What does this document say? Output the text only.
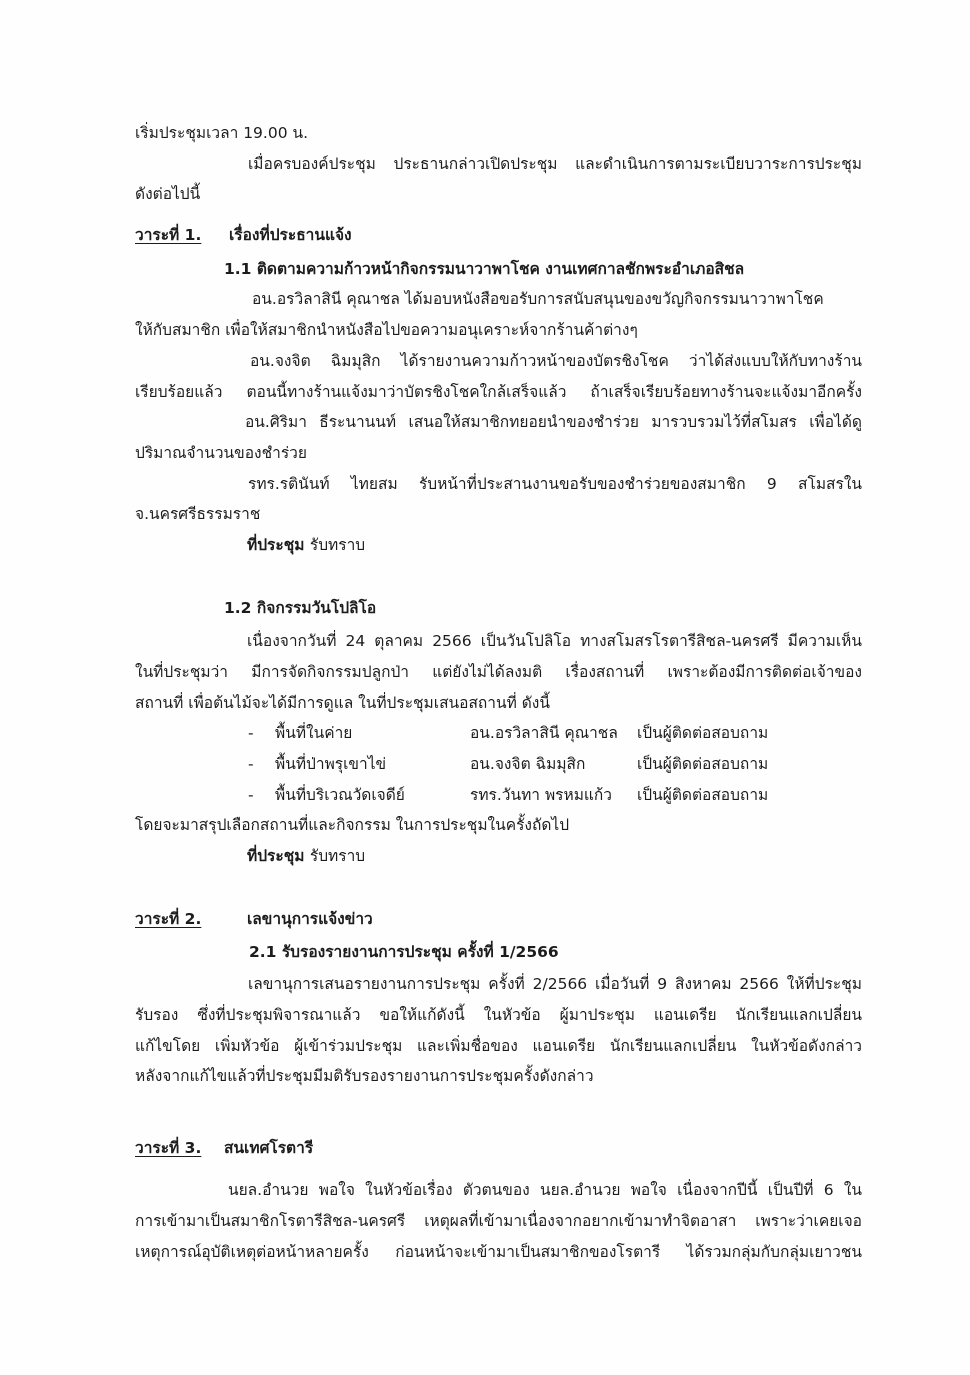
เริ่มประชุมเวลา 19.00 น.
เมื่อครบองค์ประชุม ประธานกล่าวเปิดประชุม และดำเนินการตามระเบียบวาระการประชุม
ดังต่อไปนี้
วาระที่ 1. เรื่องที่ประธานแจ้ง
1.1 ติดตามความก้าวหน้ากิจกรรมนาวาพาโชค งานเทศกาลชักพระอำเภอสิชล
อน.อรวิลาสินี คุณาชล ได้มอบหนังสือขอรับการสนับสนุนของขวัญกิจกรรมนาวาพาโชค
ให้กับสมาชิก เพื่อให้สมาชิกนำหนังสือไปขอความอนุเคราะห์จากร้านค้าต่างๆ
อน.จงจิต ฉิมมุสิก ได้รายงานความก้าวหน้าของบัตรชิงโชค ว่าได้ส่งแบบให้กับทางร้าน
เรียบร้อยแล้ว ตอนนี้ทางร้านแจ้งมาว่าบัตรชิงโชคใกล้เสร็จแล้ว ถ้าเสร็จเรียบร้อยทางร้านจะแจ้งมาอีกครั้ง
อน.ศิริมา ธีระนานนท์ เสนอให้สมาชิกทยอยนำของชำร่วย มารวบรวมไว้ที่สโมสร เพื่อได้ดู
ปริมาณจำนวนของชำร่วย
รทร.รตินันท์ ไทยสม รับหน้าที่ประสานงานขอรับของชำร่วยของสมาชิก 9 สโมสรใน
จ.นครศรีธรรมราช
ที่ประชุม รับทราบ
1.2 กิจกรรมวันโปลิโอ
เนื่องจากวันที่ 24 ตุลาคม 2566 เป็นวันโปลิโอ ทางสโมสรโรตารีสิชล-นครศรี มีความเห็น
ในที่ประชุมว่า มีการจัดกิจกรรมปลูกป่า แต่ยังไม่ได้ลงมติ เรื่องสถานที่ เพราะต้องมีการติดต่อเจ้าของ
สถานที่ เพื่อต้นไม้จะได้มีการดูแล ในที่ประชุมเสนอสถานที่ ดังนี้
-	พื้นที่ในค่าย	อน.อรวิลาสินี คุณาชล	เป็นผู้ติดต่อสอบถาม
-	พื้นที่ป่าพรุเขาไข่	อน.จงจิต ฉิมมุสิก	เป็นผู้ติดต่อสอบถาม
-	พื้นที่บริเวณวัดเจดีย์	รทร.วันทา พรหมแก้ว	เป็นผู้ติดต่อสอบถาม
โดยจะมาสรุปเลือกสถานที่และกิจกรรม ในการประชุมในครั้งถัดไป
ที่ประชุม รับทราบ
วาระที่ 2.	เลขานุการแจ้งข่าว
2.1 รับรองรายงานการประชุม ครั้งที่ 1/2566
เลขานุการเสนอรายงานการประชุม ครั้งที่ 2/2566 เมื่อวันที่ 9 สิงหาคม 2566 ให้ที่ประชุม
รับรอง ซึ่งที่ประชุมพิจารณาแล้ว ขอให้แก้ดังนี้ ในหัวข้อ ผู้มาประชุม แอนเดรีย นักเรียนแลกเปลี่ยน
แก้ไขโดย เพิ่มหัวข้อ ผู้เข้าร่วมประชุม และเพิ่มชื่อของ แอนเดรีย นักเรียนแลกเปลี่ยน ในหัวข้อดังกล่าว
หลังจากแก้ไขแล้วที่ประชุมมีมติรับรองรายงานการประชุมครั้งดังกล่าว
วาระที่ 3. สนเทศโรตารี
นยล.อำนวย พอใจ ในหัวข้อเรื่อง ตัวตนของ นยล.อำนวย พอใจ เนื่องจากปีนี้ เป็นปีที่ 6 ใน
การเข้ามาเป็นสมาชิกโรตารีสิชล-นครศรี เหตุผลที่เข้ามาเนื่องจากอยากเข้ามาทำจิตอาสา เพราะว่าเคยเจอ
เหตุการณ์อุบัติเหตุต่อหน้าหลายครั้ง ก่อนหน้าจะเข้ามาเป็นสมาชิกของโรตารี ได้รวมกลุ่มกับกลุ่มเยาวชน
